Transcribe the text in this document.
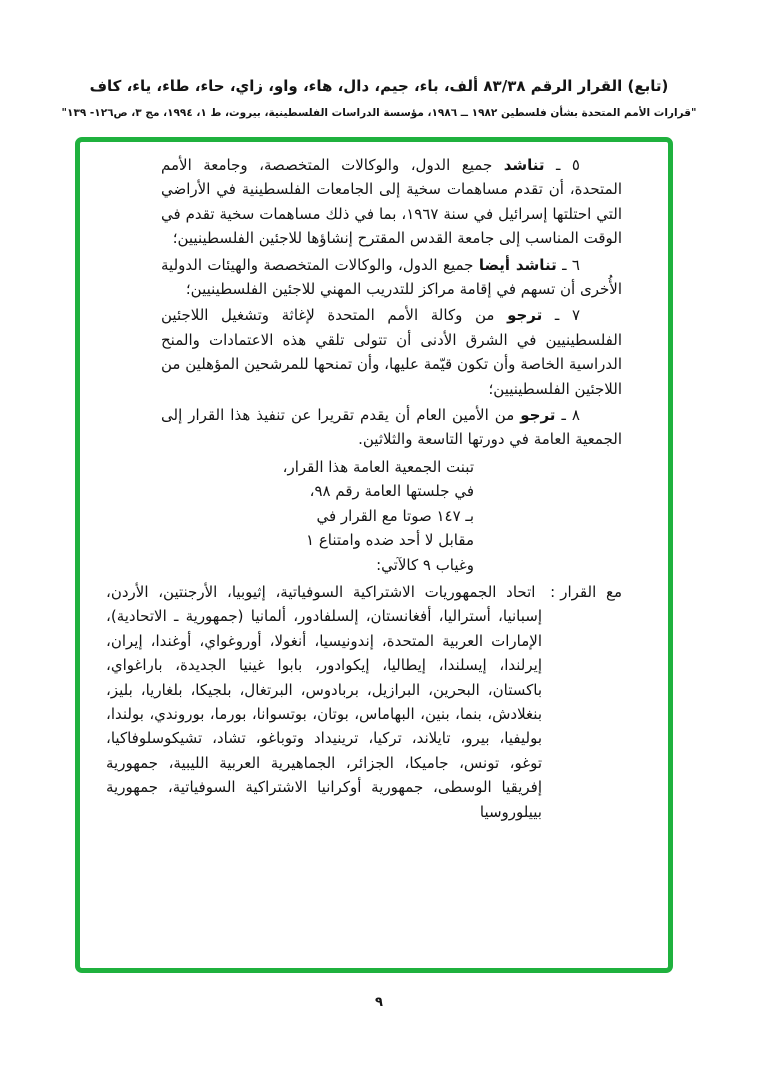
(تابع) القرار الرقم ٨٣/٣٨ ألف، باء، جيم، دال، هاء، واو، زاي، حاء، طاء، ياء، كاف
"قرارات الأمم المتحدة بشأن فلسطين ١٩٨٢ ــ ١٩٨٦، مؤسسة الدراسات الفلسطينية، بيروت، ط ١، ١٩٩٤، مج ٣، ص١٢٦- ١٣٩"

٥ ـ تناشد جميع الدول، والوكالات المتخصصة، وجامعة الأمم المتحدة، أن تقدم مساهمات سخية إلى الجامعات الفلسطينية في الأراضي التي احتلتها إسرائيل في سنة ١٩٦٧، بما في ذلك مساهمات سخية تقدم في الوقت المناسب إلى جامعة القدس المقترح إنشاؤها للاجئين الفلسطينيين؛

٦ ـ تناشد أيضا جميع الدول، والوكالات المتخصصة والهيئات الدولية الأُخرى أن تسهم في إقامة مراكز للتدريب المهني للاجئين الفلسطينيين؛

٧ ـ ترجو من وكالة الأمم المتحدة لإغاثة وتشغيل اللاجئين الفلسطينيين في الشرق الأدنى أن تتولى تلقي هذه الاعتمادات والمنح الدراسية الخاصة وأن تكون قيّمة عليها، وأن تمنحها للمرشحين المؤهلين من اللاجئين الفلسطينيين؛

٨ ـ ترجو من الأمين العام أن يقدم تقريرا عن تنفيذ هذا القرار إلى الجمعية العامة في دورتها التاسعة والثلاثين.

تبنت الجمعية العامة هذا القرار،
في جلستها العامة رقم ٩٨،
بـ ١٤٧ صوتا مع القرار في
مقابل لا أحد ضده وامتناع ١
وغياب ٩ كالآتي:

مع القرار: اتحاد الجمهوريات الاشتراكية السوفياتية، إثيوبيا، الأرجنتين، الأردن، إسبانيا، أستراليا، أفغانستان، إلسلفادور، ألمانيا (جمهورية ـ الاتحادية)، الإمارات العربية المتحدة، إندونيسيا، أنغولا، أوروغواي، أوغندا، إيران، إيرلندا، إيسلندا، إيطاليا، إيكوادور، بابوا غينيا الجديدة، باراغواي، باكستان، البحرين، البرازيل، بربادوس، البرتغال، بلجيكا، بلغاريا، بليز، بنغلادش، بنما، بنين، البهاماس، بوتان، بوتسوانا، بورما، بوروندي، بولندا، بوليفيا، بيرو، تايلاند، تركيا، ترينيداد وتوباغو، تشاد، تشيكوسلوفاكيا، توغو، تونس، جاميكا، الجزائر، الجماهيرية العربية الليبية، جمهورية إفريقيا الوسطى، جمهورية أوكرانيا الاشتراكية السوفياتية، جمهورية بييلوروسيا

٩
